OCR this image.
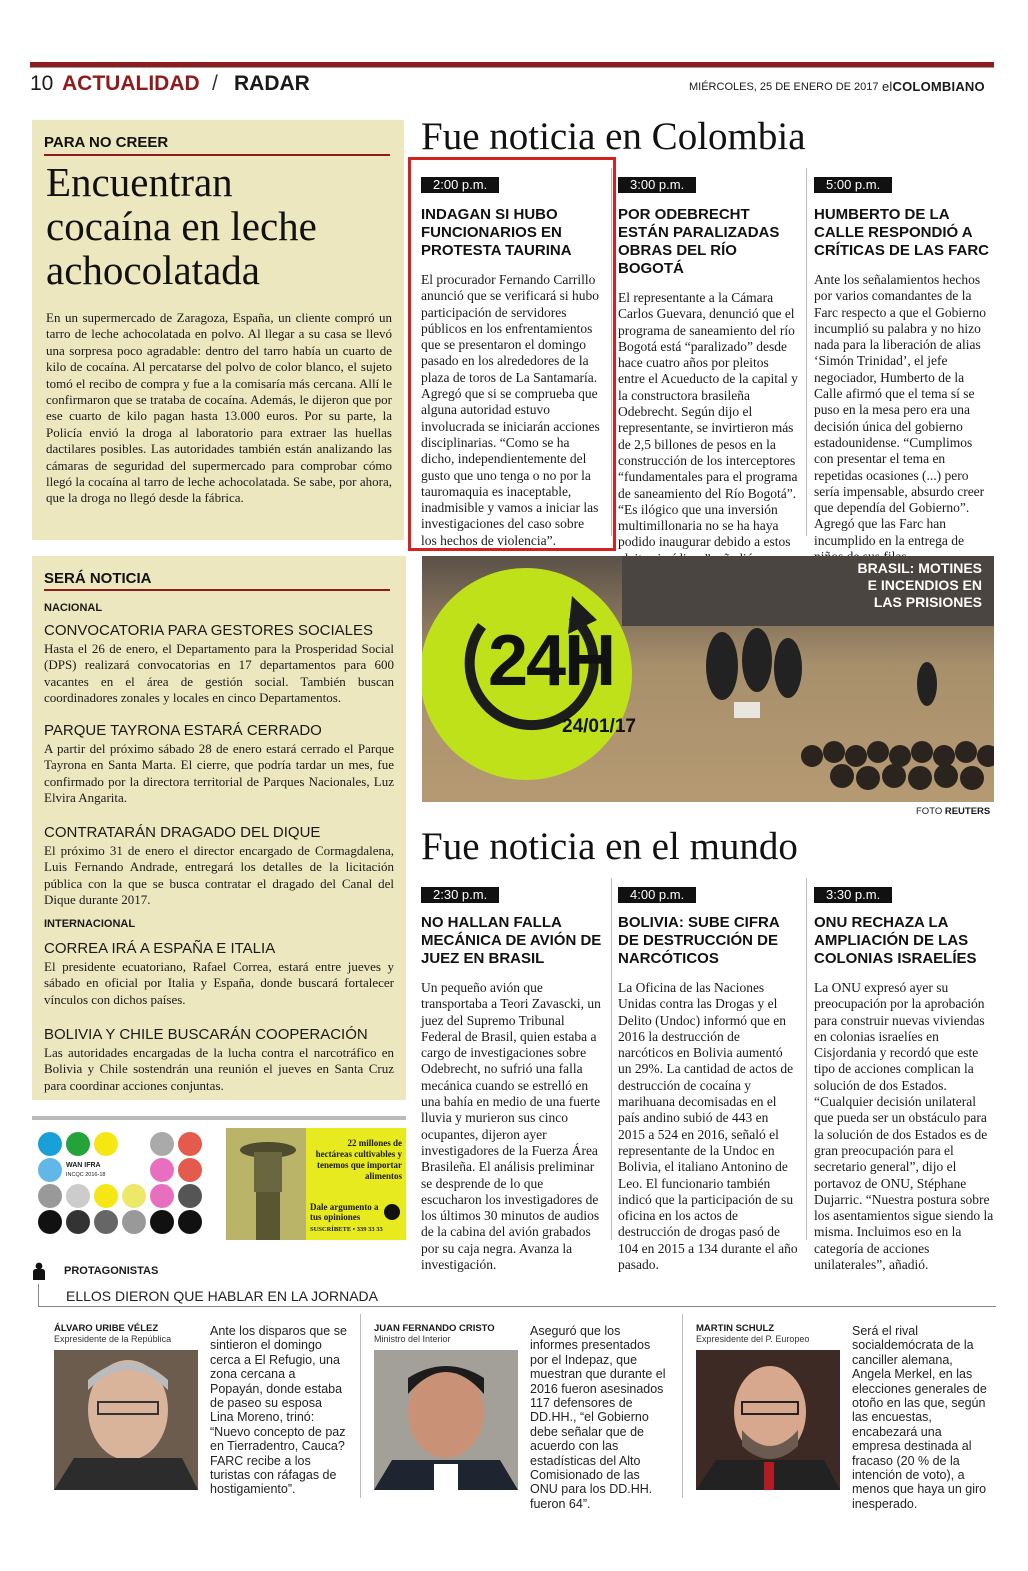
10 ACTUALIDAD / RADAR	MIÉRCOLES, 25 DE ENERO DE 2017 elCOLOMBIANO
PARA NO CREER
Encuentran
cocaína en leche
achocolatada
En un supermercado de Zaragoza, España, un cliente compró un tarro de leche achocolatada en polvo. Al llegar a su casa se llevó una sorpresa poco agradable: dentro del tarro había un cuarto de kilo de cocaína. Al percatarse del polvo de color blanco, el sujeto tomó el recibo de compra y fue a la comisaría más cercana. Allí le confirmaron que se trataba de cocaína. Además, le dijeron que por ese cuarto de kilo pagan hasta 13.000 euros. Por su parte, la Policía envió la droga al laboratorio para extraer las huellas dactilares posibles. Las autoridades también están analizando las cámaras de seguridad del supermercado para comprobar cómo llegó la cocaína al tarro de leche achocolatada. Se sabe, por ahora, que la droga no llegó desde la fábrica.
Fue noticia en Colombia
2:00 p.m.
INDAGAN SI HUBO FUNCIONARIOS EN PROTESTA TAURINA
El procurador Fernando Carrillo anunció que se verificará si hubo participación de servidores públicos en los enfrentamientos que se presentaron el domingo pasado en los alrededores de la plaza de toros de La Santamaría. Agregó que si se comprueba que alguna autoridad estuvo involucrada se iniciarán acciones disciplinarias. “Como se ha dicho, independientemente del gusto que uno tenga o no por la tauromaquia es inaceptable, inadmisible y vamos a iniciar las investigaciones del caso sobre los hechos de violencia”.
3:00 p.m.
POR ODEBRECHT ESTÁN PARALIZADAS OBRAS DEL RÍO BOGOTÁ
El representante a la Cámara Carlos Guevara, denunció que el programa de saneamiento del río Bogotá está “paralizado” desde hace cuatro años por pleitos entre el Acueducto de la capital y la constructora brasileña Odebrecht. Según dijo el representante, se invirtieron más de 2,5 billones de pesos en la construcción de los interceptores “fundamentales para el programa de saneamiento del Río Bogotá”. “Es ilógico que una inversión multimillonaria no se ha haya podido inaugurar debido a estos
5:00 p.m.
HUMBERTO DE LA CALLE RESPONDIÓ A CRÍTICAS DE LAS FARC
Ante los señalamientos hechos por varios comandantes de la Farc respecto a que el Gobierno incumplió su palabra y no hizo nada para la liberación de alias ‘Simón Trinidad’, el jefe negociador, Humberto de la Calle afirmó que el tema sí se puso en la mesa pero era una decisión única del gobierno estadounidense. “Cumplimos con presentar el tema en repetidas ocasiones (...) pero sería impensable, absurdo creer que dependía del Gobierno”. Agregó que las Farc han incumplido en la entrega de
SERÁ NOTICIA
NACIONAL
CONVOCATORIA PARA GESTORES SOCIALES
Hasta el 26 de enero, el Departamento para la Prosperidad Social (DPS) realizará convocatorias en 17 departamentos para 600 vacantes en el área de gestión social. También buscan coordinadores zonales y locales en cinco Departamentos.
PARQUE TAYRONA ESTARÁ CERRADO
A partir del próximo sábado 28 de enero estará cerrado el Parque Tayrona en Santa Marta. El cierre, que podría tardar un mes, fue confirmado por la directora territorial de Parques Nacionales, Luz Elvira Angarita.
CONTRATARÁN DRAGADO DEL DIQUE
El próximo 31 de enero el director encargado de Cormagdalena, Luis Fernando Andrade, entregará los detalles de la licitación pública con la que se busca contratar el dragado del Canal del Dique durante 2017.
INTERNACIONAL
CORREA IRÁ A ESPAÑA E ITALIA
El presidente ecuatoriano, Rafael Correa, estará entre jueves y sábado en oficial por Italia y España, donde buscará fortalecer vínculos con dichos países.
BOLIVIA Y CHILE BUSCARÁN COOPERACIÓN
Las autoridades encargadas de la lucha contra el narcotráfico en Bolivia y Chile sostendrán una reunión el jueves en Santa Cruz para coordinar acciones conjuntas.
24H
24/01/17
BRASIL: MOTINES
E INCENDIOS EN
LAS PRISIONES
FOTO REUTERS
Fue noticia en el mundo
2:30 p.m.
NO HALLAN FALLA MECÁNICA DE AVIÓN DE JUEZ EN BRASIL
Un pequeño avión que transportaba a Teori Zavascki, un juez del Supremo Tribunal Federal de Brasil, quien estaba a cargo de investigaciones sobre Odebrecht, no sufrió una falla mecánica cuando se estrelló en una bahía en medio de una fuerte lluvia y murieron sus cinco ocupantes, dijeron ayer investigadores de la Fuerza Área Brasileña. El análisis preliminar se desprende de lo que escucharon los investigadores de los últimos 30 minutos de audios de la cabina del avión grabados por su caja negra. Avanza la investigación.
4:00 p.m.
BOLIVIA: SUBE CIFRA DE DESTRUCCIÓN DE NARCÓTICOS
La Oficina de las Naciones Unidas contra las Drogas y el Delito (Undoc) informó que en 2016 la destrucción de narcóticos en Bolivia aumentó un 29%. La cantidad de actos de destrucción de cocaína y marihuana decomisadas en el país andino subió de 443 en 2015 a 524 en 2016, señaló el representante de la Undoc en Bolivia, el italiano Antonino de Leo. El funcionario también indicó que la participación de su oficina en los actos de destrucción de drogas pasó de 104 en 2015 a 134 durante el año pasado.
3:30 p.m.
ONU RECHAZA LA AMPLIACIÓN DE LAS COLONIAS ISRAELÍES
La ONU expresó ayer su preocupación por la aprobación para construir nuevas viviendas en colonias israelíes en Cisjordania y recordó que este tipo de acciones complican la solución de dos Estados. “Cualquier decisión unilateral que pueda ser un obstáculo para la solución de dos Estados es de gran preocupación para el secretario general”, dijo el portavoz de ONU, Stéphane Dujarric. “Nuestra postura sobre los asentamientos sigue siendo la misma. Incluimos eso en la categoría de acciones unilaterales”, añadió.
WAN IFRA
INCQC 2016-18
22 millones de hectáreas cultivables y tenemos que importar alimentos
Dale argumento a tus opiniones
SUSCRÍBETE • 339 33 33
PROTAGONISTAS
ELLOS DIERON QUE HABLAR EN LA JORNADA
ÁLVARO URIBE VÉLEZ
Expresidente de la República
Ante los disparos que se sintieron el domingo cerca a El Refugio, una zona cercana a Popayán, donde estaba de paseo su esposa Lina Moreno, trinó: “Nuevo concepto de paz en Tierradentro, Cauca? FARC recibe a los turistas con ráfagas de hostigamiento”.
JUAN FERNANDO CRISTO
Ministro del Interior
Aseguró que los informes presentados por el Indepaz, que muestran que durante el 2016 fueron asesinados 117 defensores de DD.HH., “el Gobierno debe señalar que de acuerdo con las estadísticas del Alto Comisionado de las ONU para los DD.HH. fueron 64”.
MARTIN SCHULZ
Expresidente del P. Europeo
Será el rival socialdemócrata de la canciller alemana, Angela Merkel, en las elecciones generales de otoño en las que, según las encuestas, encabezará una empresa destinada al fracaso (20 % de la intención de voto), a menos que haya un giro inesperado.
